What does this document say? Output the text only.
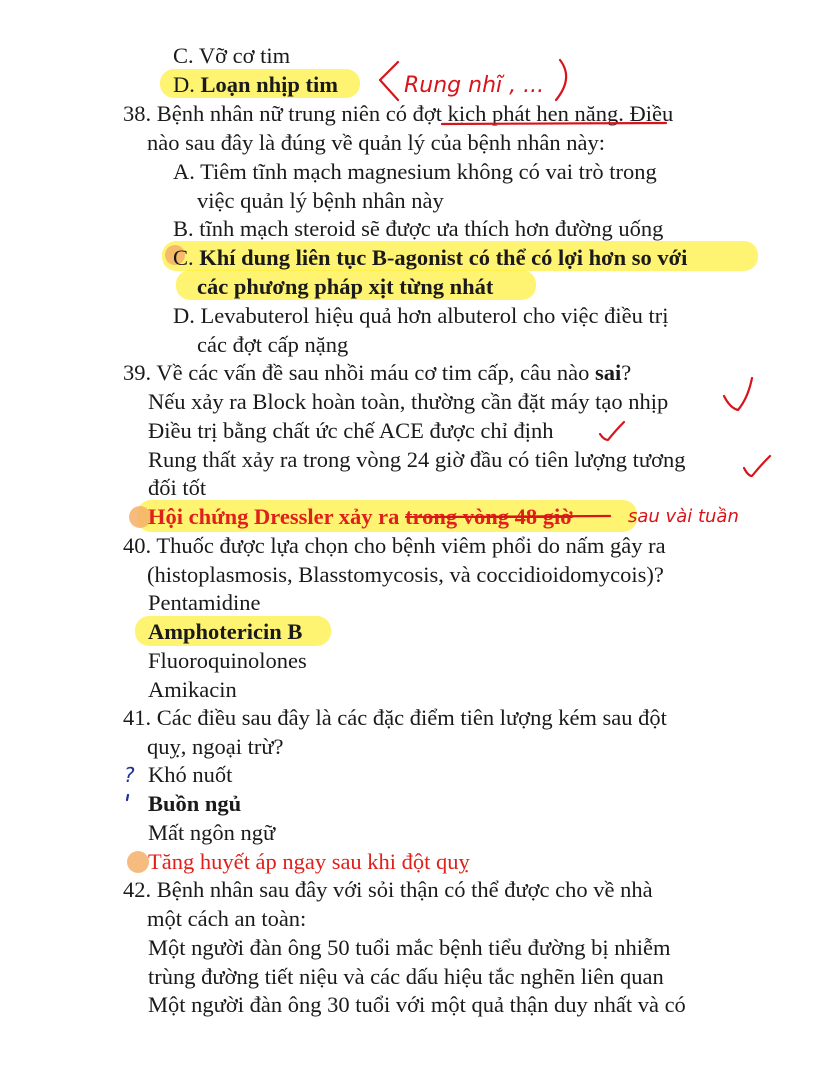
C. Vỡ cơ tim
D. Loạn nhịp tim
38. Bệnh nhân nữ trung niên có đợt kịch phát hen nặng. Điều
nào sau đây là đúng về quản lý của bệnh nhân này:
A. Tiêm tĩnh mạch magnesium không có vai trò trong
việc quản lý bệnh nhân này
B. tĩnh mạch steroid sẽ được ưa thích hơn đường uống
C. Khí dung liên tục B-agonist có thể có lợi hơn so với
các phương pháp xịt từng nhát
D. Levabuterol hiệu quả hơn albuterol cho việc điều trị
các đợt cấp nặng
39. Về các vấn đề sau nhồi máu cơ tim cấp, câu nào sai?
Nếu xảy ra Block hoàn toàn, thường cần đặt máy tạo nhịp
Điều trị bằng chất ức chế ACE được chỉ định
Rung thất xảy ra trong vòng 24 giờ đầu có tiên lượng tương
đối tốt
Hội chứng Dressler xảy ra trong vòng 48 giờ
40. Thuốc được lựa chọn cho bệnh viêm phổi do nấm gây ra
(histoplasmosis, Blasstomycosis, và coccidioidomycois)?
Pentamidine
Amphotericin B
Fluoroquinolones
Amikacin
41. Các điều sau đây là các đặc điểm tiên lượng kém sau đột
quỵ, ngoại trừ?
Khó nuốt
Buồn ngủ
Mất ngôn ngữ
Tăng huyết áp ngay sau khi đột quỵ
42. Bệnh nhân sau đây với sỏi thận có thể được cho về nhà
một cách an toàn:
Một người đàn ông 50 tuổi mắc bệnh tiểu đường bị nhiễm
trùng đường tiết niệu và các dấu hiệu tắc nghẽn liên quan
Một người đàn ông 30 tuổi với một quả thận duy nhất và có
Rung nhĩ , ...
sau vài tuần
?
